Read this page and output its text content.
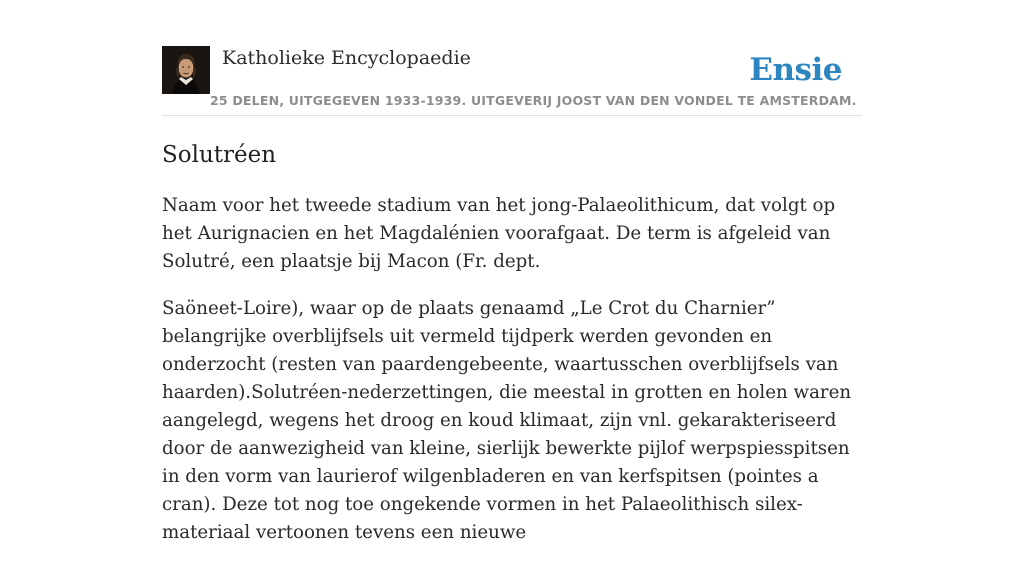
Katholieke Encyclopaedie
25 DELEN, UITGEGEVEN 1933-1939. UITGEVERIJ JOOST VAN DEN VONDEL TE AMSTERDAM.
Ensie
Solutréen

Naam voor het tweede stadium van het jong-Palaeolithicum, dat volgt op het Aurignacien en het Magdalénien voorafgaat. De term is afgeleid van Solutré, een plaatsje bij Macon (Fr. dept.

Saöneet-Loire), waar op de plaats genaamd „Le Crot du Charnier” belangrijke overblijfsels uit vermeld tijdperk werden gevonden en onderzocht (resten van paardengebeente, waartusschen overblijfsels van haarden).Solutréen-nederzettingen, die meestal in grotten en holen waren aangelegd, wegens het droog en koud klimaat, zijn vnl. gekarakteriseerd door de aanwezigheid van kleine, sierlijk bewerkte pijlof werpspiesspitsen in den vorm van laurierof wilgenbladeren en van kerfspitsen (pointes a cran). Deze tot nog toe ongekende vormen in het Palaeolithisch silex-materiaal vertoonen tevens een nieuwe
